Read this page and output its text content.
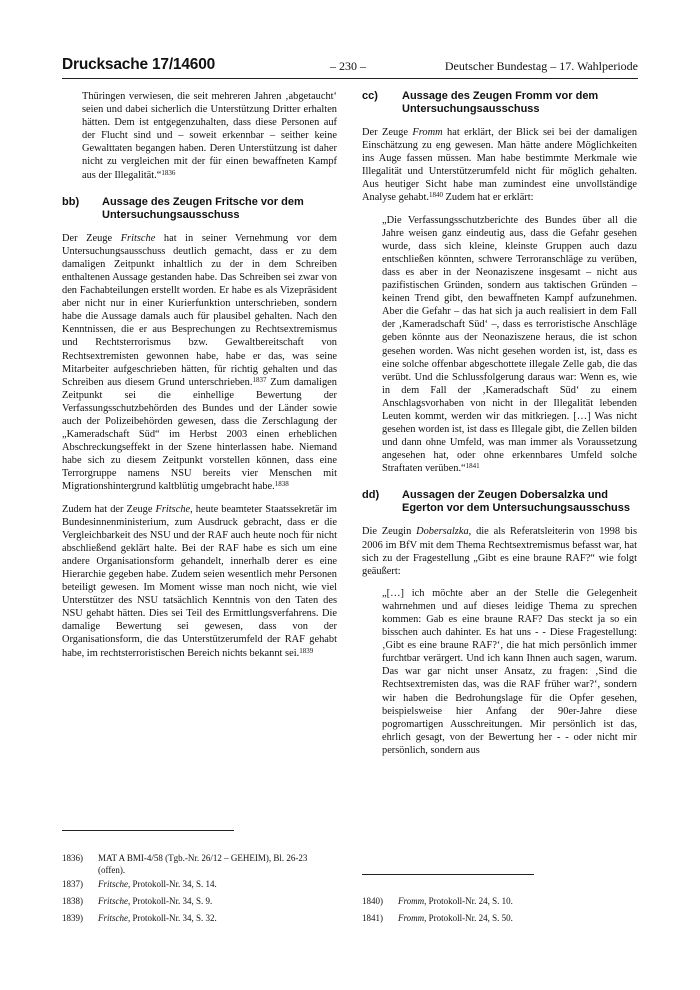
Drucksache 17/14600	– 230 –	Deutscher Bundestag – 17. Wahlperiode

Thüringen verwiesen, die seit mehreren Jahren ‚abgetaucht‘ seien und dabei sicherlich die Unterstützung Dritter erhalten hätten. Dem ist entgegenzuhalten, dass diese Personen auf der Flucht sind und – soweit erkennbar – seither keine Gewalttaten begangen haben. Deren Unterstützung ist daher nicht zu vergleichen mit der für einen bewaffneten Kampf aus der Illegalität.“$^{1836}$

bb)	Aussage des Zeugen Fritsche vor dem Untersuchungsausschuss

Der Zeuge Fritsche hat in seiner Vernehmung vor dem Untersuchungsausschuss deutlich gemacht, dass er zu dem damaligen Zeitpunkt inhaltlich zu der in dem Schreiben enthaltenen Aussage gestanden habe. Das Schreiben sei zwar von den Fachabteilungen erstellt worden. Er habe es als Vizepräsident aber nicht nur in einer Kurierfunktion unterschrieben, sondern habe die Aussage damals auch für plausibel gehalten. Nach den Kenntnissen, die er aus Besprechungen zu Rechtsextremismus und Rechtsterrorismus bzw. Gewaltbereitschaft von Rechtsextremisten gewonnen habe, habe er das, was seine Mitarbeiter aufgeschrieben hätten, für richtig gehalten und das Schreiben aus diesem Grund unterschrieben.$^{1837}$ Zum damaligen Zeitpunkt sei die einhellige Bewertung der Verfassungsschutzbehörden des Bundes und der Länder sowie auch der Polizeibehörden gewesen, dass die Zerschlagung der „Kameradschaft Süd“ im Herbst 2003 einen erheblichen Abschreckungseffekt in der Szene hinterlassen habe. Niemand habe sich zu diesem Zeitpunkt vorstellen können, dass eine Terrorgruppe namens NSU bereits vier Menschen mit Migrationshintergrund kaltblütig umgebracht habe.$^{1838}$

Zudem hat der Zeuge Fritsche, heute beamteter Staatssekretär im Bundesinnenministerium, zum Ausdruck gebracht, dass er die Vergleichbarkeit des NSU und der RAF auch heute noch für nicht abschließend geklärt halte. Bei der RAF habe es sich um eine andere Organisationsform gehandelt, innerhalb derer es eine Hierarchie gegeben habe. Zudem seien wesentlich mehr Personen beteiligt gewesen. Im Moment wisse man noch nicht, wie viel Unterstützer des NSU tatsächlich Kenntnis von den Taten des NSU gehabt hätten. Dies sei Teil des Ermittlungsverfahrens. Die damalige Bewertung sei gewesen, dass von der Organisationsform, die das Unterstützerumfeld der RAF gehabt habe, im rechtsterroristischen Bereich nichts bekannt sei.$^{1839}$

cc)	Aussage des Zeugen Fromm vor dem Untersuchungsausschuss

Der Zeuge Fromm hat erklärt, der Blick sei bei der damaligen Einschätzung zu eng gewesen. Man hätte andere Möglichkeiten ins Auge fassen müssen. Man habe bestimmte Merkmale wie Illegalität und Unterstützerumfeld nicht für möglich gehalten. Aus heutiger Sicht habe man zumindest eine unvollständige Analyse gehabt.$^{1840}$ Zudem hat er erklärt:

„Die Verfassungsschutzberichte des Bundes über all die Jahre weisen ganz eindeutig aus, dass die Gefahr gesehen wurde, dass sich kleine, kleinste Gruppen auch dazu entschließen könnten, schwere Terroranschläge zu verüben, dass es aber in der Neonaziszene insgesamt – nicht aus pazifistischen Gründen, sondern aus taktischen Gründen – keinen Trend gibt, den bewaffneten Kampf aufzunehmen. Aber die Gefahr – das hat sich ja auch realisiert in dem Fall der ‚Kameradschaft Süd‘ –, dass es terroristische Anschläge geben könnte aus der Neonaziszene heraus, die ist schon gesehen worden. Was nicht gesehen worden ist, ist, dass es eine solche offenbar abgeschottete illegale Zelle gab, die das verübt. Und die Schlussfolgerung daraus war: Wenn es, wie in dem Fall der ‚Kameradschaft Süd‘ zu einem Anschlagsvorhaben von nicht in der Illegalität lebenden Leuten kommt, werden wir das mitkriegen. […] Was nicht gesehen worden ist, ist dass es Illegale gibt, die Zellen bilden und dann ohne Umfeld, was man immer als Voraussetzung angesehen hat, oder ohne erkennbares Umfeld solche Straftaten verüben.“$^{1841}$

dd)	Aussagen der Zeugen Dobersalzka und Egerton vor dem Untersuchungsausschuss

Die Zeugin Dobersalzka, die als Referatsleiterin von 1998 bis 2006 im BfV mit dem Thema Rechtsextremismus befasst war, hat sich zu der Fragestellung „Gibt es eine braune RAF?“ wie folgt geäußert:

„[…] ich möchte aber an der Stelle die Gelegenheit wahrnehmen und auf dieses leidige Thema zu sprechen kommen: Gab es eine braune RAF? Das steckt ja so ein bisschen auch dahinter. Es hat uns - - Diese Fragestellung: ‚Gibt es eine braune RAF?‘, die hat mich persönlich immer furchtbar verärgert. Und ich kann Ihnen auch sagen, warum. Das war gar nicht unser Ansatz, zu fragen: ‚Sind die Rechtsextremisten das, was die RAF früher war?‘, sondern wir haben die Bedrohungslage für die Opfer gesehen, beispielsweise hier Anfang der 90er-Jahre diese pogromartigen Ausschreitungen. Mir persönlich ist das, ehrlich gesagt, von der Bewertung her - - oder nicht mir persönlich, sondern aus

1836) MAT A BMI-4/58 (Tgb.-Nr. 26/12 – GEHEIM), Bl. 26-23 (offen).
1837) Fritsche, Protokoll-Nr. 34, S. 14.
1838) Fritsche, Protokoll-Nr. 34, S. 9.
1839) Fritsche, Protokoll-Nr. 34, S. 32.
1840) Fromm, Protokoll-Nr. 24, S. 10.
1841) Fromm, Protokoll-Nr. 24, S. 50.
